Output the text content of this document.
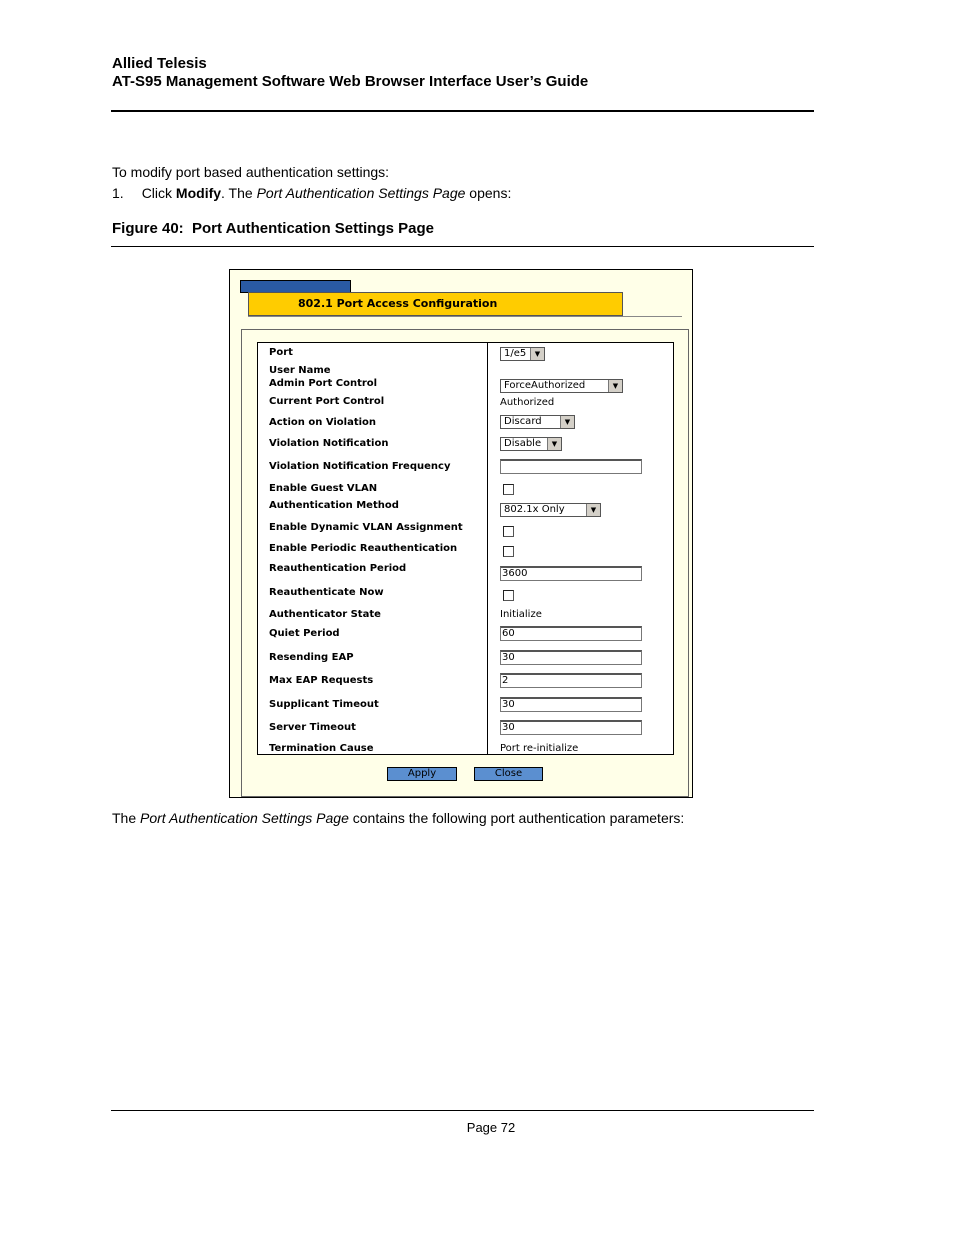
Allied Telesis
AT-S95 Management Software Web Browser Interface User’s Guide
To modify port based authentication settings:
1. Click Modify. The Port Authentication Settings Page opens:
Figure 40:  Port Authentication Settings Page
802.1 Port Access Configuration
Port	1/e5	▼
User Name
Admin Port Control	ForceAuthorized	▼
Current Port Control	Authorized
Action on Violation	Discard	▼
Violation Notification	Disable	▼
Violation Notification Frequency
Enable Guest VLAN
Authentication Method	802.1x Only	▼
Enable Dynamic VLAN Assignment
Enable Periodic Reauthentication
Reauthentication Period	3600
Reauthenticate Now
Authenticator State	Initialize
Quiet Period	60
Resending EAP	30
Max EAP Requests	2
Supplicant Timeout	30
Server Timeout	30
Termination Cause	Port re-initialize
Apply	Close
The Port Authentication Settings Page contains the following port authentication parameters:
Page 72
